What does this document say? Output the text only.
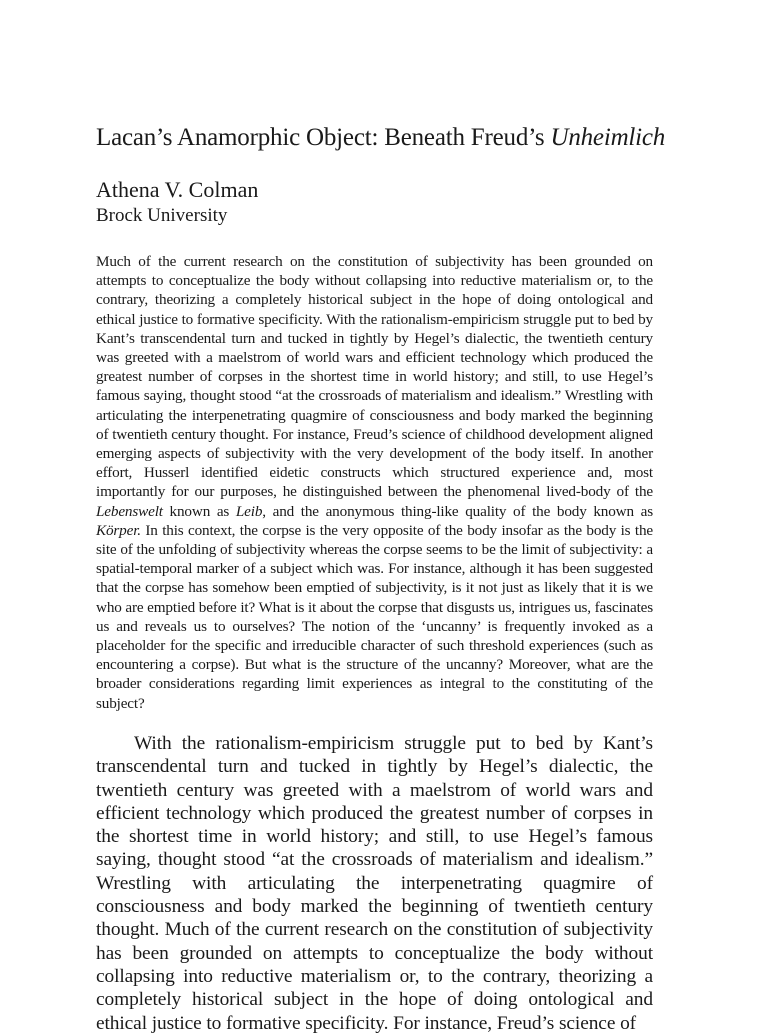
Lacan’s Anamorphic Object: Beneath Freud’s Unheimlich

Athena V. Colman

Brock University

Much of the current research on the constitution of subjectivity has been grounded on attempts to conceptualize the body without collapsing into reductive materialism or, to the contrary, theorizing a completely historical subject in the hope of doing ontological and ethical justice to formative specificity. With the rationalism-empiricism struggle put to bed by Kant’s transcendental turn and tucked in tightly by Hegel’s dialectic, the twentieth century was greeted with a maelstrom of world wars and efficient technology which produced the greatest number of corpses in the shortest time in world history; and still, to use Hegel’s famous saying, thought stood “at the crossroads of materialism and idealism.” Wrestling with articulating the interpenetrating quagmire of consciousness and body marked the beginning of twentieth century thought. For instance, Freud’s science of childhood development aligned emerging aspects of subjectivity with the very development of the body itself. In another effort, Husserl identified eidetic constructs which structured experience and, most importantly for our purposes, he distinguished between the phenomenal lived-body of the Lebenswelt known as Leib, and the anonymous thing-like quality of the body known as Körper. In this context, the corpse is the very opposite of the body insofar as the body is the site of the unfolding of subjectivity whereas the corpse seems to be the limit of subjectivity: a spatial-temporal marker of a subject which was. For instance, although it has been suggested that the corpse has somehow been emptied of subjectivity, is it not just as likely that it is we who are emptied before it? What is it about the corpse that disgusts us, intrigues us, fascinates us and reveals us to ourselves? The notion of the ‘uncanny’ is frequently invoked as a placeholder for the specific and irreducible character of such threshold experiences (such as encountering a corpse). But what is the structure of the uncanny? Moreover, what are the broader considerations regarding limit experiences as integral to the constituting of the subject?

With the rationalism-empiricism struggle put to bed by Kant’s transcendental turn and tucked in tightly by Hegel’s dialectic, the twentieth century was greeted with a maelstrom of world wars and efficient technology which produced the greatest number of corpses in the shortest time in world history; and still, to use Hegel’s famous saying, thought stood “at the crossroads of materialism and idealism.” Wrestling with articulating the interpenetrating quagmire of consciousness and body marked the beginning of twentieth century thought. Much of the current research on the constitution of subjectivity has been grounded on attempts to conceptualize the body without collapsing into reductive materialism or, to the contrary, theorizing a completely historical subject in the hope of doing ontological and ethical justice to formative specificity. For instance, Freud’s science of
